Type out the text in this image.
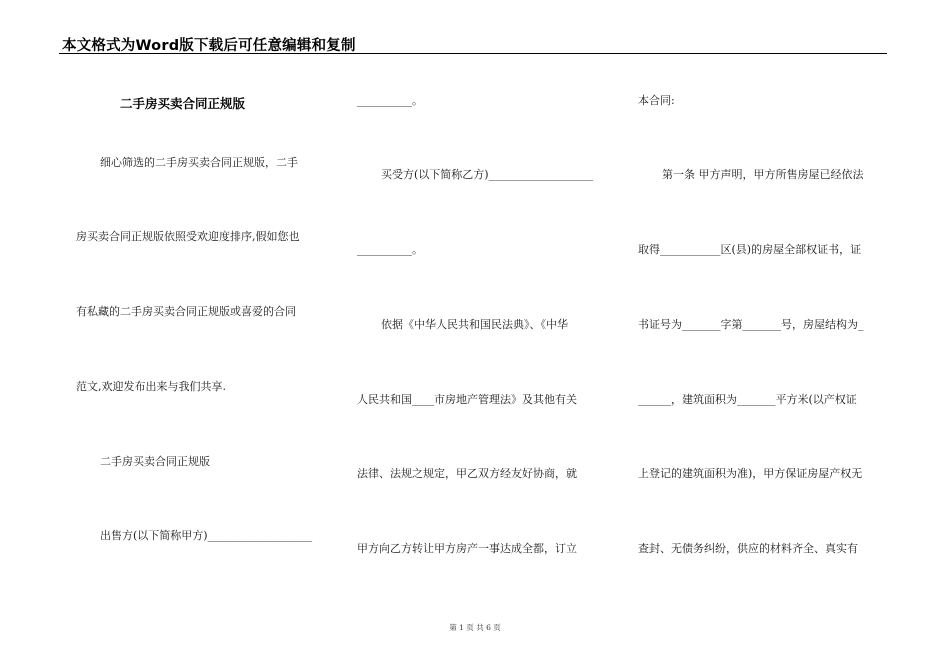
本文格式为Word版下载后可任意编辑和复制
二手房买卖合同正规版
细心筛选的二手房买卖合同正规版，二手
房买卖合同正规版依照受欢迎度排序,假如您也
有私藏的二手房买卖合同正规版或喜爱的合同
范文,欢迎发布出来与我们共享.
二手房买卖合同正规版
出售方(以下简称甲方)___________________
__________。
买受方(以下简称乙方)___________________
__________。
依据《中华人民共和国民法典》、《中华
人民共和国____市房地产管理法》及其他有关
法律、法规之规定，甲乙双方经友好协商，就
甲方向乙方转让甲方房产一事达成全都，订立
本合同:
第一条 甲方声明，甲方所售房屋已经依法
取得___________区(县)的房屋全部权证书，证
书证号为_______字第_______号，房屋结构为_
______，建筑面积为_______平方米(以产权证
上登记的建筑面积为准)，甲方保证房屋产权无
查封、无债务纠纷，供应的材料齐全、真实有
第 1 页 共 6 页
